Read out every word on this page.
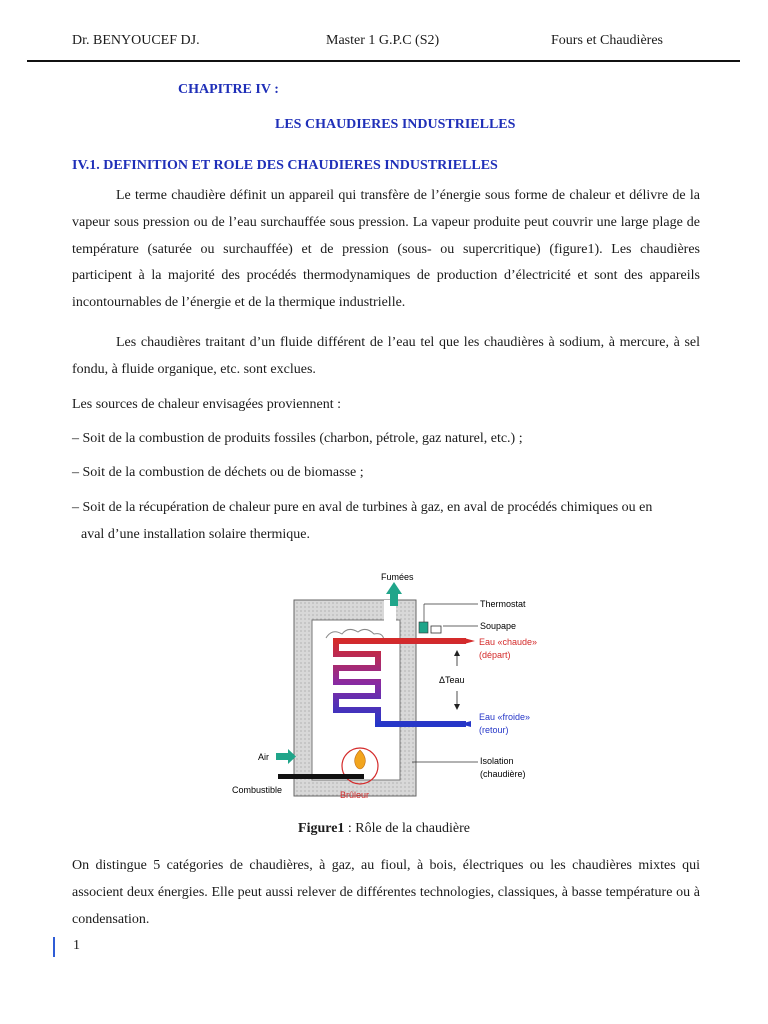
Dr. BENYOUCEF DJ.	Master 1 G.P.C (S2)	Fours et Chaudières
CHAPITRE IV :
LES CHAUDIERES INDUSTRIELLES
IV.1. DEFINITION ET ROLE DES CHAUDIERES INDUSTRIELLES
Le terme chaudière définit un appareil qui transfère de l’énergie sous forme de chaleur et délivre de la vapeur sous pression ou de l’eau surchauffée sous pression. La vapeur produite peut couvrir une large plage de température (saturée ou surchauffée) et de pression (sous- ou supercritique) (figure1). Les chaudières participent à la majorité des procédés thermodynamiques de production d’électricité et sont des appareils incontournables de l’énergie et de la thermique industrielle.
Les chaudières traitant d’un fluide différent de l’eau tel que les chaudières à sodium, à mercure, à sel fondu, à fluide organique, etc. sont exclues.
Les sources de chaleur envisagées proviennent :
– Soit de la combustion de produits fossiles (charbon, pétrole, gaz naturel, etc.) ;
– Soit de la combustion de déchets ou de biomasse ;
– Soit de la récupération de chaleur pure en aval de turbines à gaz, en aval de procédés chimiques ou en
aval d’une installation solaire thermique.
Fumées
Thermostat
Soupape
Eau «chaude»
(départ)
ΔTeau
Eau «froide»
(retour)
Isolation
(chaudière)
Brûleur
Air
Combustible
Figure1 : Rôle de la chaudière
On distingue 5 catégories de chaudières, à gaz, au fioul, à bois, électriques ou les chaudières mixtes qui associent deux énergies. Elle peut aussi relever de différentes technologies, classiques, à basse température ou à condensation.
1
